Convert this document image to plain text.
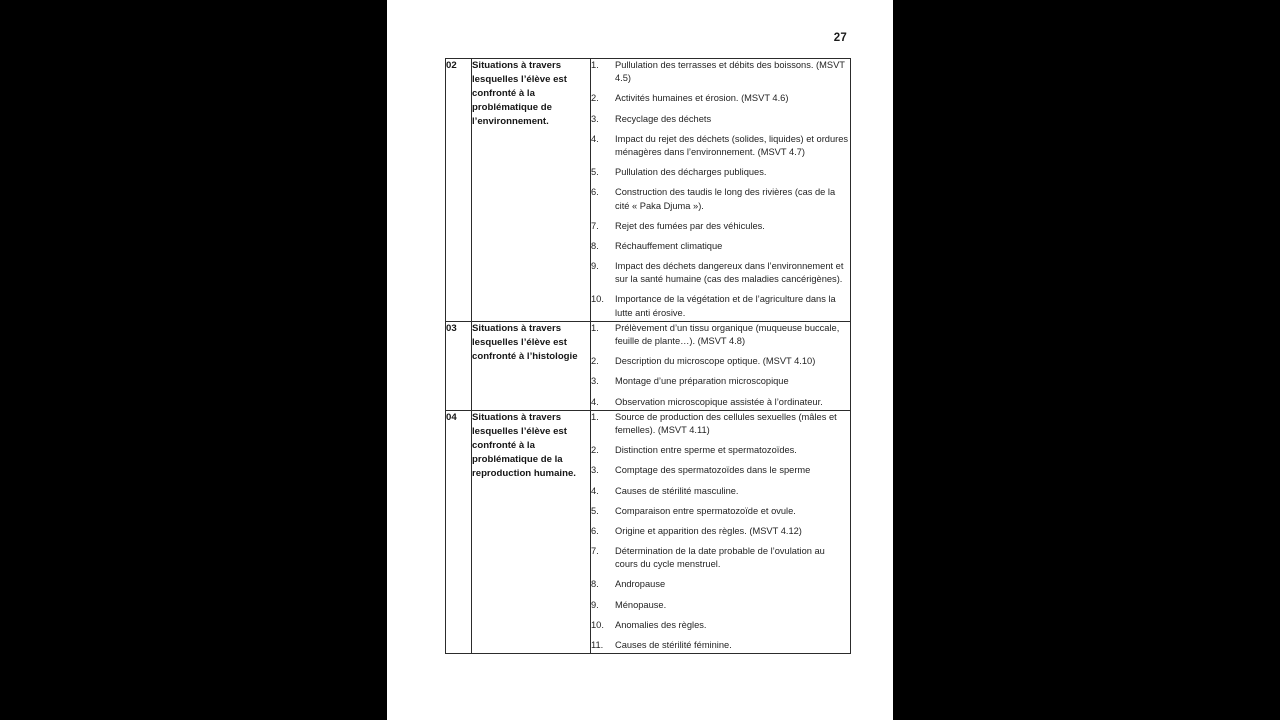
27
02	Situations à travers lesquelles l’élève est confronté à la problématique de l’environnement.	
Pullulation des terrasses et débits des boissons. (MSVT 4.5)
Activités humaines et érosion. (MSVT 4.6)
Recyclage des déchets
Impact du rejet des déchets (solides, liquides) et ordures ménagères dans l’environnement. (MSVT 4.7)
Pullulation des décharges publiques.
Construction des taudis le long des rivières (cas de la cité « Paka Djuma »).
Rejet des fumées par des véhicules.
Réchauffement climatique
Impact des déchets dangereux dans l’environnement et sur la santé humaine (cas des maladies cancérigènes).
Importance de la végétation et de l’agriculture dans la lutte anti érosive.

03	Situations à travers lesquelles l’élève est confronté à l’histologie	
Prélèvement d’un tissu organique (muqueuse buccale, feuille de plante…). (MSVT 4.8)
Description du microscope optique. (MSVT 4.10)
Montage d’une préparation microscopique
Observation microscopique assistée à l’ordinateur.

04	Situations à travers lesquelles l’élève est confronté à la problématique de la reproduction humaine.	
Source de production des cellules sexuelles (mâles et femelles). (MSVT 4.11)
Distinction entre sperme et spermatozoïdes.
Comptage des spermatozoïdes dans le sperme
Causes de stérilité masculine.
Comparaison entre spermatozoïde et ovule.
Origine et apparition des règles. (MSVT 4.12)
Détermination de la date probable de l’ovulation au cours du cycle menstruel.
Andropause
Ménopause.
Anomalies des règles.
Causes de stérilité féminine.
